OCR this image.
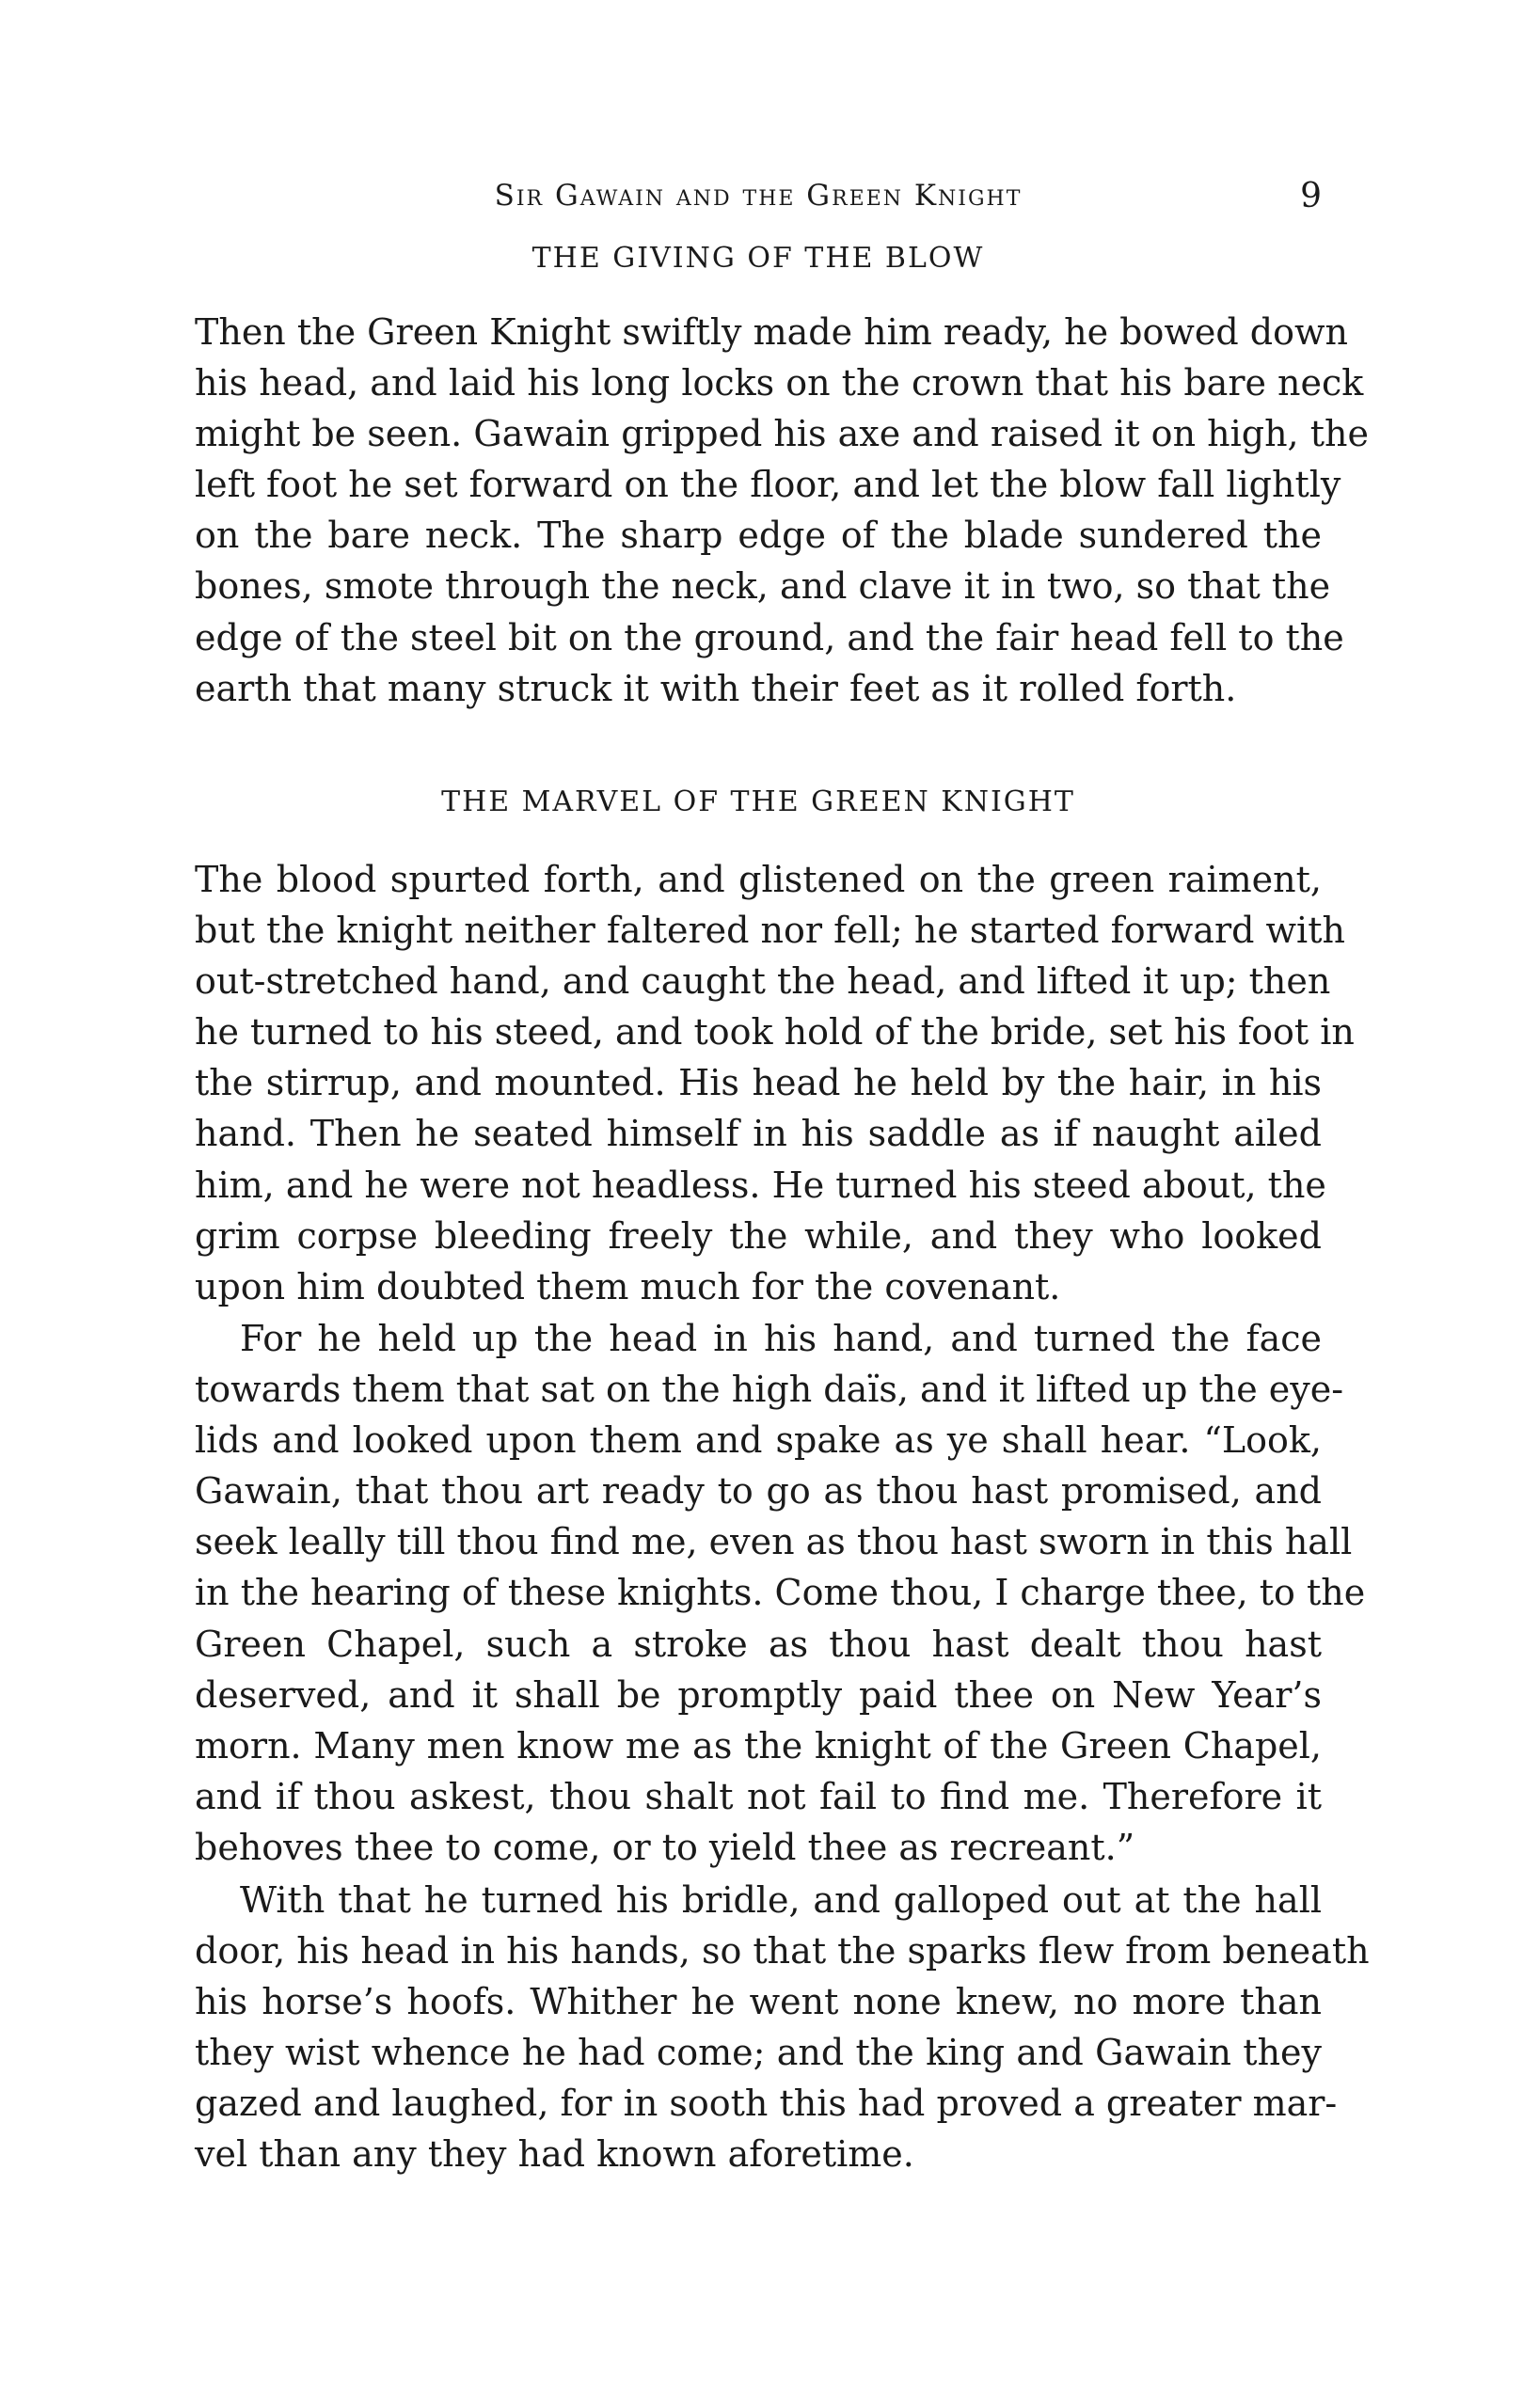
Sir Gawain and the Green Knight	9
THE GIVING OF THE BLOW
Then the Green Knight swiftly made him ready, he bowed down
his head, and laid his long locks on the crown that his bare neck
might be seen. Gawain gripped his axe and raised it on high, the
left foot he set forward on the floor, and let the blow fall lightly
on the bare neck. The sharp edge of the blade sundered the
bones, smote through the neck, and clave it in two, so that the
edge of the steel bit on the ground, and the fair head fell to the
earth that many struck it with their feet as it rolled forth.
THE MARVEL OF THE GREEN KNIGHT
The blood spurted forth, and glistened on the green raiment,
but the knight neither faltered nor fell; he started forward with
out-stretched hand, and caught the head, and lifted it up; then
he turned to his steed, and took hold of the bride, set his foot in
the stirrup, and mounted. His head he held by the hair, in his
hand. Then he seated himself in his saddle as if naught ailed
him, and he were not headless. He turned his steed about, the
grim corpse bleeding freely the while, and they who looked
upon him doubted them much for the covenant.
For he held up the head in his hand, and turned the face
towards them that sat on the high daïs, and it lifted up the eye-
lids and looked upon them and spake as ye shall hear. “Look,
Gawain, that thou art ready to go as thou hast promised, and
seek leally till thou find me, even as thou hast sworn in this hall
in the hearing of these knights. Come thou, I charge thee, to the
Green Chapel, such a stroke as thou hast dealt thou hast
deserved, and it shall be promptly paid thee on New Year’s
morn. Many men know me as the knight of the Green Chapel,
and if thou askest, thou shalt not fail to find me. Therefore it
behoves thee to come, or to yield thee as recreant.”
With that he turned his bridle, and galloped out at the hall
door, his head in his hands, so that the sparks flew from beneath
his horse’s hoofs. Whither he went none knew, no more than
they wist whence he had come; and the king and Gawain they
gazed and laughed, for in sooth this had proved a greater mar-
vel than any they had known aforetime.
